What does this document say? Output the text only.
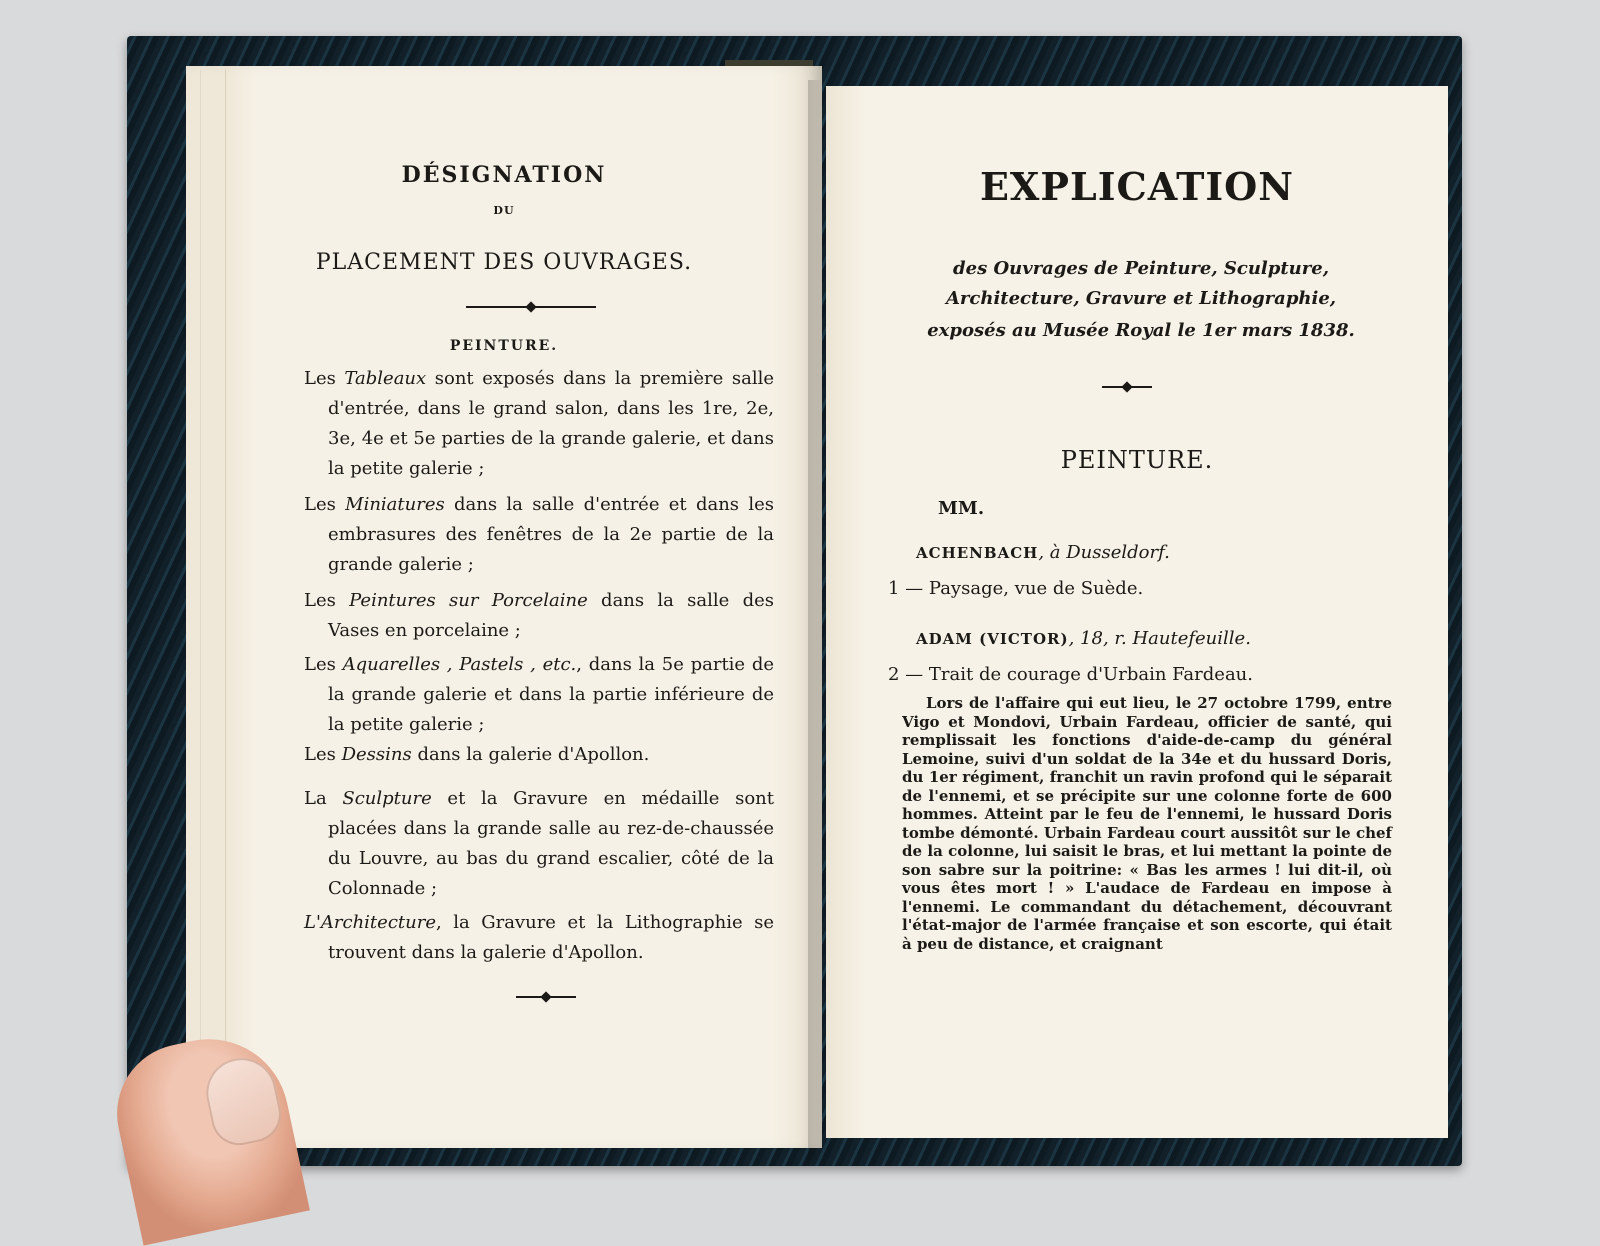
DÉSIGNATION
DU
PLACEMENT DES OUVRAGES.
PEINTURE.
Les Tableaux sont exposés dans la première salle d'entrée, dans le grand salon, dans les 1re, 2e, 3e, 4e et 5e parties de la grande galerie, et dans la petite galerie ;
Les Miniatures dans la salle d'entrée et dans les embrasures des fenêtres de la 2e partie de la grande galerie ;
Les Peintures sur Porcelaine dans la salle des Vases en porcelaine ;
Les Aquarelles , Pastels , etc., dans la 5e partie de la grande galerie et dans la partie inférieure de la petite galerie ;
Les Dessins dans la galerie d'Apollon.
La Sculpture et la Gravure en médaille sont placées dans la grande salle au rez-de-chaussée du Louvre, au bas du grand escalier, côté de la Colonnade ;
L'Architecture, la Gravure et la Lithographie se trouvent dans la galerie d'Apollon.
EXPLICATION
des Ouvrages de Peinture, Sculpture,
Architecture, Gravure et Lithographie,
exposés au Musée Royal le 1er mars 1838.
PEINTURE.
MM.
ACHENBACH, à Dusseldorf.
1 — Paysage, vue de Suède.
ADAM (VICTOR), 18, r. Hautefeuille.
2 — Trait de courage d'Urbain Fardeau.
Lors de l'affaire qui eut lieu, le 27 octobre 1799, entre Vigo et Mondovi, Urbain Fardeau, officier de santé, qui remplissait les fonctions d'aide-de-camp du général Lemoine, suivi d'un soldat de la 34e et du hussard Doris, du 1er régiment, franchit un ravin profond qui le séparait de l'ennemi, et se précipite sur une colonne forte de 600 hommes. Atteint par le feu de l'ennemi, le hussard Doris tombe démonté. Urbain Fardeau court aussitôt sur le chef de la colonne, lui saisit le bras, et lui mettant la pointe de son sabre sur la poitrine: « Bas les armes ! lui dit-il, où vous êtes mort ! » L'audace de Fardeau en impose à l'ennemi. Le commandant du détachement, découvrant l'état-major de l'armée française et son escorte, qui était à peu de distance, et craignant
